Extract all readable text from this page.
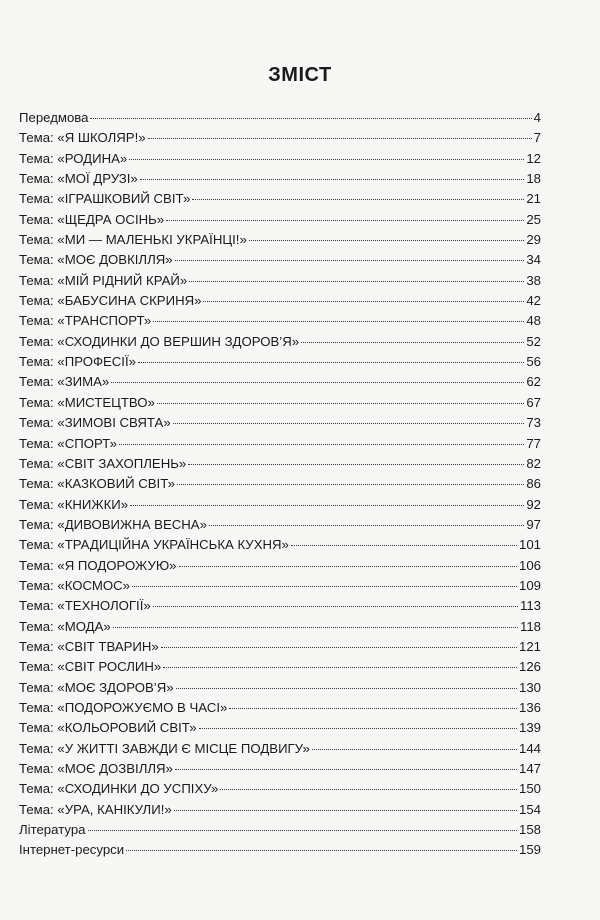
ЗМІСТ
Передмова	4
Тема: «Я ШКОЛЯР!»	7
Тема: «РОДИНА»	12
Тема: «МОЇ ДРУЗІ»	18
Тема: «ІГРАШКОВИЙ СВІТ»	21
Тема: «ЩЕДРА ОСІНЬ»	25
Тема: «МИ — МАЛЕНЬКІ УКРАЇНЦІ!»	29
Тема: «МОЄ ДОВКІЛЛЯ»	34
Тема: «МІЙ РІДНИЙ КРАЙ»	38
Тема: «БАБУСИНА СКРИНЯ»	42
Тема: «ТРАНСПОРТ»	48
Тема: «СХОДИНКИ ДО ВЕРШИН ЗДОРОВ’Я»	52
Тема: «ПРОФЕСІЇ»	56
Тема: «ЗИМА»	62
Тема: «МИСТЕЦТВО»	67
Тема: «ЗИМОВІ СВЯТА»	73
Тема: «СПОРТ»	77
Тема: «СВІТ ЗАХОПЛЕНЬ»	82
Тема: «КАЗКОВИЙ СВІТ»	86
Тема: «КНИЖКИ»	92
Тема: «ДИВОВИЖНА ВЕСНА»	97
Тема: «ТРАДИЦІЙНА УКРАЇНСЬКА КУХНЯ»	101
Тема: «Я ПОДОРОЖУЮ»	106
Тема: «КОСМОС»	109
Тема: «ТЕХНОЛОГІЇ»	113
Тема: «МОДА»	118
Тема: «СВІТ ТВАРИН»	121
Тема: «СВІТ РОСЛИН»	126
Тема: «МОЄ ЗДОРОВ’Я»	130
Тема: «ПОДОРОЖУЄМО В ЧАСІ»	136
Тема: «КОЛЬОРОВИЙ СВІТ»	139
Тема: «У ЖИТТІ ЗАВЖДИ Є МІСЦЕ ПОДВИГУ»	144
Тема: «МОЄ ДОЗВІЛЛЯ»	147
Тема: «СХОДИНКИ ДО УСПІХУ»	150
Тема: «УРА, КАНІКУЛИ!»	154
Література	158
Інтернет-ресурси	159
